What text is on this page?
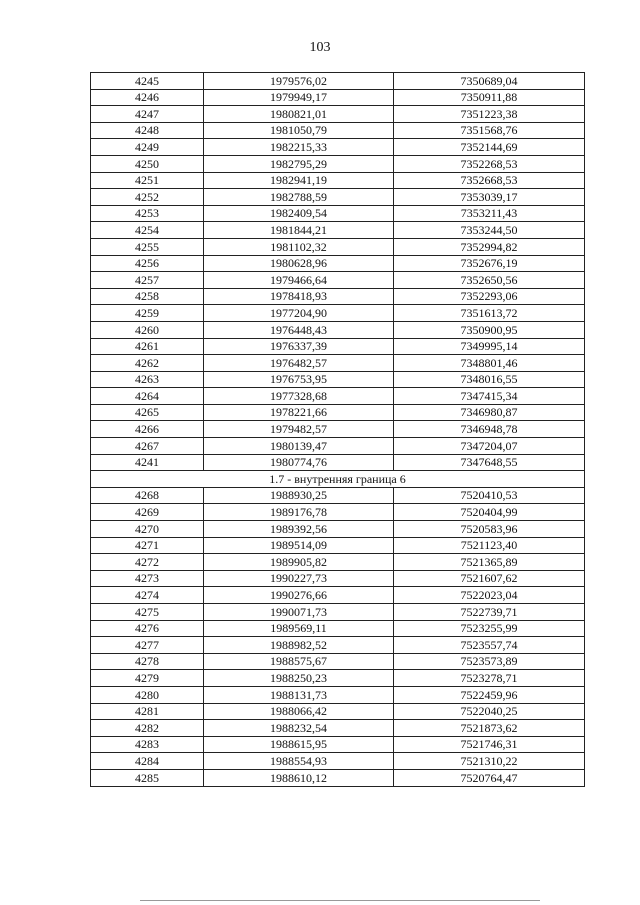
103
4245	1979576,02	7350689,04
4246	1979949,17	7350911,88
4247	1980821,01	7351223,38
4248	1981050,79	7351568,76
4249	1982215,33	7352144,69
4250	1982795,29	7352268,53
4251	1982941,19	7352668,53
4252	1982788,59	7353039,17
4253	1982409,54	7353211,43
4254	1981844,21	7353244,50
4255	1981102,32	7352994,82
4256	1980628,96	7352676,19
4257	1979466,64	7352650,56
4258	1978418,93	7352293,06
4259	1977204,90	7351613,72
4260	1976448,43	7350900,95
4261	1976337,39	7349995,14
4262	1976482,57	7348801,46
4263	1976753,95	7348016,55
4264	1977328,68	7347415,34
4265	1978221,66	7346980,87
4266	1979482,57	7346948,78
4267	1980139,47	7347204,07
4241	1980774,76	7347648,55
1.7 - внутренняя граница 6		
4268	1988930,25	7520410,53
4269	1989176,78	7520404,99
4270	1989392,56	7520583,96
4271	1989514,09	7521123,40
4272	1989905,82	7521365,89
4273	1990227,73	7521607,62
4274	1990276,66	7522023,04
4275	1990071,73	7522739,71
4276	1989569,11	7523255,99
4277	1988982,52	7523557,74
4278	1988575,67	7523573,89
4279	1988250,23	7523278,71
4280	1988131,73	7522459,96
4281	1988066,42	7522040,25
4282	1988232,54	7521873,62
4283	1988615,95	7521746,31
4284	1988554,93	7521310,22
4285	1988610,12	7520764,47
